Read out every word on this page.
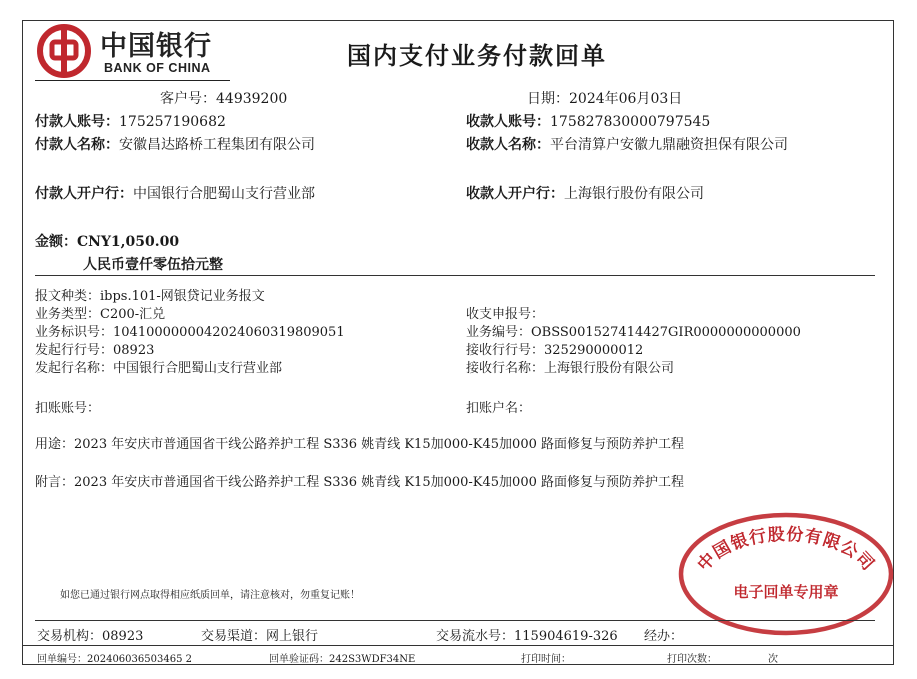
中国银行
BANK OF CHINA	国内支付业务付款回单
客户号：44939200	日期：2024年06月03日
付款人账号：175257190682	收款人账号：175827830000797545
付款人名称：安徽昌达路桥工程集团有限公司	收款人名称：平台清算户安徽九鼎融资担保有限公司
付款人开户行：中国银行合肥蜀山支行营业部	收款人开户行：上海银行股份有限公司
金额：CNY1,050.00
人民币壹仟零伍拾元整
报文种类：ibps.101-网银贷记业务报文
业务类型：C200-汇兑	收支申报号：
业务标识号：1041000000042024060319809051	业务编号：OBSS001527414427GIR0000000000000
发起行行号：08923	接收行行号：325290000012
发起行名称：中国银行合肥蜀山支行营业部	接收行名称：上海银行股份有限公司
扣账账号：	扣账户名：
用途：2023 年安庆市普通国省干线公路养护工程 S336 姚青线 K15加000-K45加000 路面修复与预防养护工程
附言：2023 年安庆市普通国省干线公路养护工程 S336 姚青线 K15加000-K45加000 路面修复与预防养护工程
如您已通过银行网点取得相应纸质回单，请注意核对，勿重复记账！
中国银行股份有限公司
电子回单专用章
交易机构：08923	交易渠道：网上银行	交易流水号：115904619-326 经办：
回单编号：202406036503465 2	回单验证码：242S3WDF34NE	打印时间：	打印次数：	次
